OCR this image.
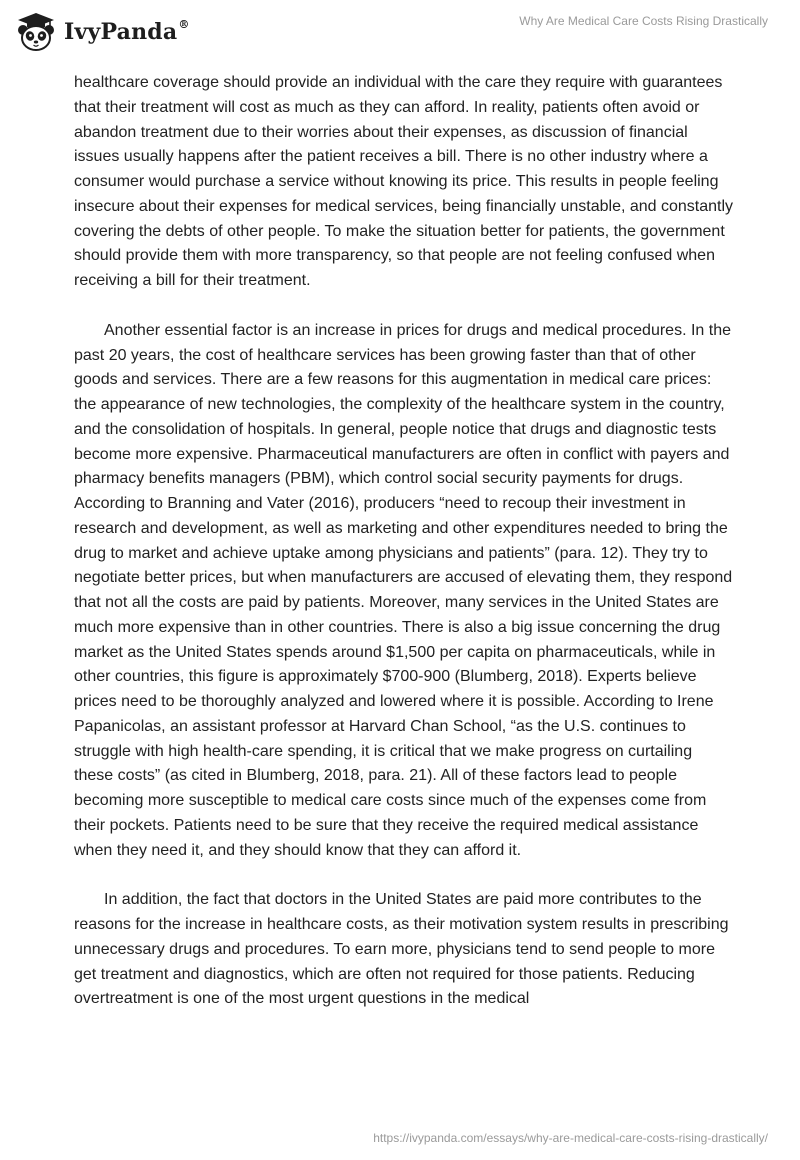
IvyPanda®	Why Are Medical Care Costs Rising Drastically

healthcare coverage should provide an individual with the care they require with guarantees that their treatment will cost as much as they can afford. In reality, patients often avoid or abandon treatment due to their worries about their expenses, as discussion of financial issues usually happens after the patient receives a bill. There is no other industry where a consumer would purchase a service without knowing its price. This results in people feeling insecure about their expenses for medical services, being financially unstable, and constantly covering the debts of other people. To make the situation better for patients, the government should provide them with more transparency, so that people are not feeling confused when receiving a bill for their treatment.

Another essential factor is an increase in prices for drugs and medical procedures. In the past 20 years, the cost of healthcare services has been growing faster than that of other goods and services. There are a few reasons for this augmentation in medical care prices: the appearance of new technologies, the complexity of the healthcare system in the country, and the consolidation of hospitals. In general, people notice that drugs and diagnostic tests become more expensive. Pharmaceutical manufacturers are often in conflict with payers and pharmacy benefits managers (PBM), which control social security payments for drugs. According to Branning and Vater (2016), producers “need to recoup their investment in research and development, as well as marketing and other expenditures needed to bring the drug to market and achieve uptake among physicians and patients” (para. 12). They try to negotiate better prices, but when manufacturers are accused of elevating them, they respond that not all the costs are paid by patients. Moreover, many services in the United States are much more expensive than in other countries. There is also a big issue concerning the drug market as the United States spends around $1,500 per capita on pharmaceuticals, while in other countries, this figure is approximately $700-900 (Blumberg, 2018). Experts believe prices need to be thoroughly analyzed and lowered where it is possible. According to Irene Papanicolas, an assistant professor at Harvard Chan School, “as the U.S. continues to struggle with high health-care spending, it is critical that we make progress on curtailing these costs” (as cited in Blumberg, 2018, para. 21). All of these factors lead to people becoming more susceptible to medical care costs since much of the expenses come from their pockets. Patients need to be sure that they receive the required medical assistance when they need it, and they should know that they can afford it.

In addition, the fact that doctors in the United States are paid more contributes to the reasons for the increase in healthcare costs, as their motivation system results in prescribing unnecessary drugs and procedures. To earn more, physicians tend to send people to more get treatment and diagnostics, which are often not required for those patients. Reducing overtreatment is one of the most urgent questions in the medical

https://ivypanda.com/essays/why-are-medical-care-costs-rising-drastically/
